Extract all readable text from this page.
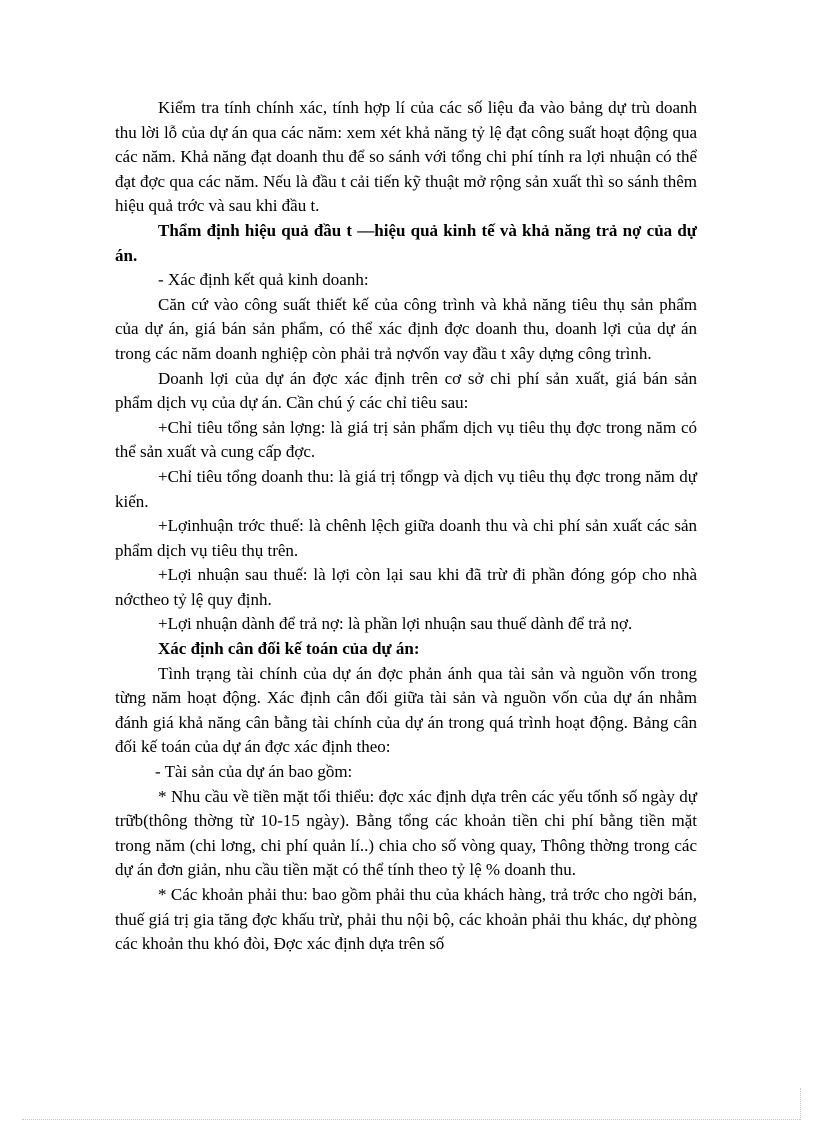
Kiểm tra tính chính xác, tính hợp lí của các số liệu đa vào bảng dự trù doanh thu lời lỗ của dự án qua các năm: xem xét khả năng tỷ lệ đạt công suất hoạt động qua các năm. Khả năng đạt doanh thu để so sánh với tổng chi phí tính ra lợi nhuận có thể đạt đợc qua các năm. Nếu là đầu t cải tiến kỹ thuật mở rộng sản xuất thì so sánh thêm hiệu quả trớc và sau khi đầu t.

Thẩm định hiệu quả đầu t —hiệu quả kinh tế và khả năng trả nợ của dự án.

- Xác định kết quả kinh doanh:

Căn cứ vào công suất thiết kế của công trình và khả năng tiêu thụ sản phẩm của dự án, giá bán sản phẩm, có thể xác định đợc doanh thu, doanh lợi của dự án trong các năm doanh nghiệp còn phải trả nợvốn vay đầu t xây dựng công trình.

Doanh lợi của dự án đợc xác định trên cơ sở chi phí sản xuất, giá bán sản phẩm dịch vụ của dự án. Cần chú ý các chỉ tiêu sau:

+Chỉ tiêu tổng sản lợng: là giá trị sản phẩm dịch vụ tiêu thụ đợc trong năm có thể sản xuất và cung cấp đợc.

+Chỉ tiêu tổng doanh thu: là giá trị tổngp và dịch vụ tiêu thụ đợc trong năm dự kiến.

+Lợinhuận trớc thuế: là chênh lệch giữa doanh thu và chi phí sản xuất các sản phẩm dịch vụ tiêu thụ trên.

+Lợi nhuận sau thuế: là lợi còn lại sau khi đã trừ đi phần đóng góp cho nhà nớctheo tỷ lệ quy định.

+Lợi nhuận dành để trả nợ: là phần lợi nhuận sau thuế dành để trả nợ.

Xác định cân đối kế toán của dự án:

Tình trạng tài chính của dự án đợc phản ánh qua tài sản và nguồn vốn trong từng năm hoạt động. Xác định cân đối giữa tài sản và nguồn vốn của dự án nhằm đánh giá khả năng cân bằng tài chính của dự án trong quá trình hoạt động. Bảng cân đối kế toán của dự án đợc xác định theo:

- Tài sản của dự án bao gồm:

* Nhu cầu về tiền mặt tối thiểu: đợc xác định dựa trên các yếu tốnh số ngày dự trữb(thông thờng từ 10-15 ngày). Bằng tổng các khoản tiền chi phí bằng tiền mặt trong năm (chi lơng, chi phí quản lí..) chia cho số vòng quay, Thông thờng trong các dự án đơn giản, nhu cầu tiền mặt có thể tính theo tỷ lệ % doanh thu.

* Các khoản phải thu: bao gồm phải thu của khách hàng, trả trớc cho ngời bán, thuế giá trị gia tăng đợc khấu trừ, phải thu nội bộ, các khoản phải thu khác, dự phòng các khoản thu khó đòi, Đợc xác định dựa trên số
